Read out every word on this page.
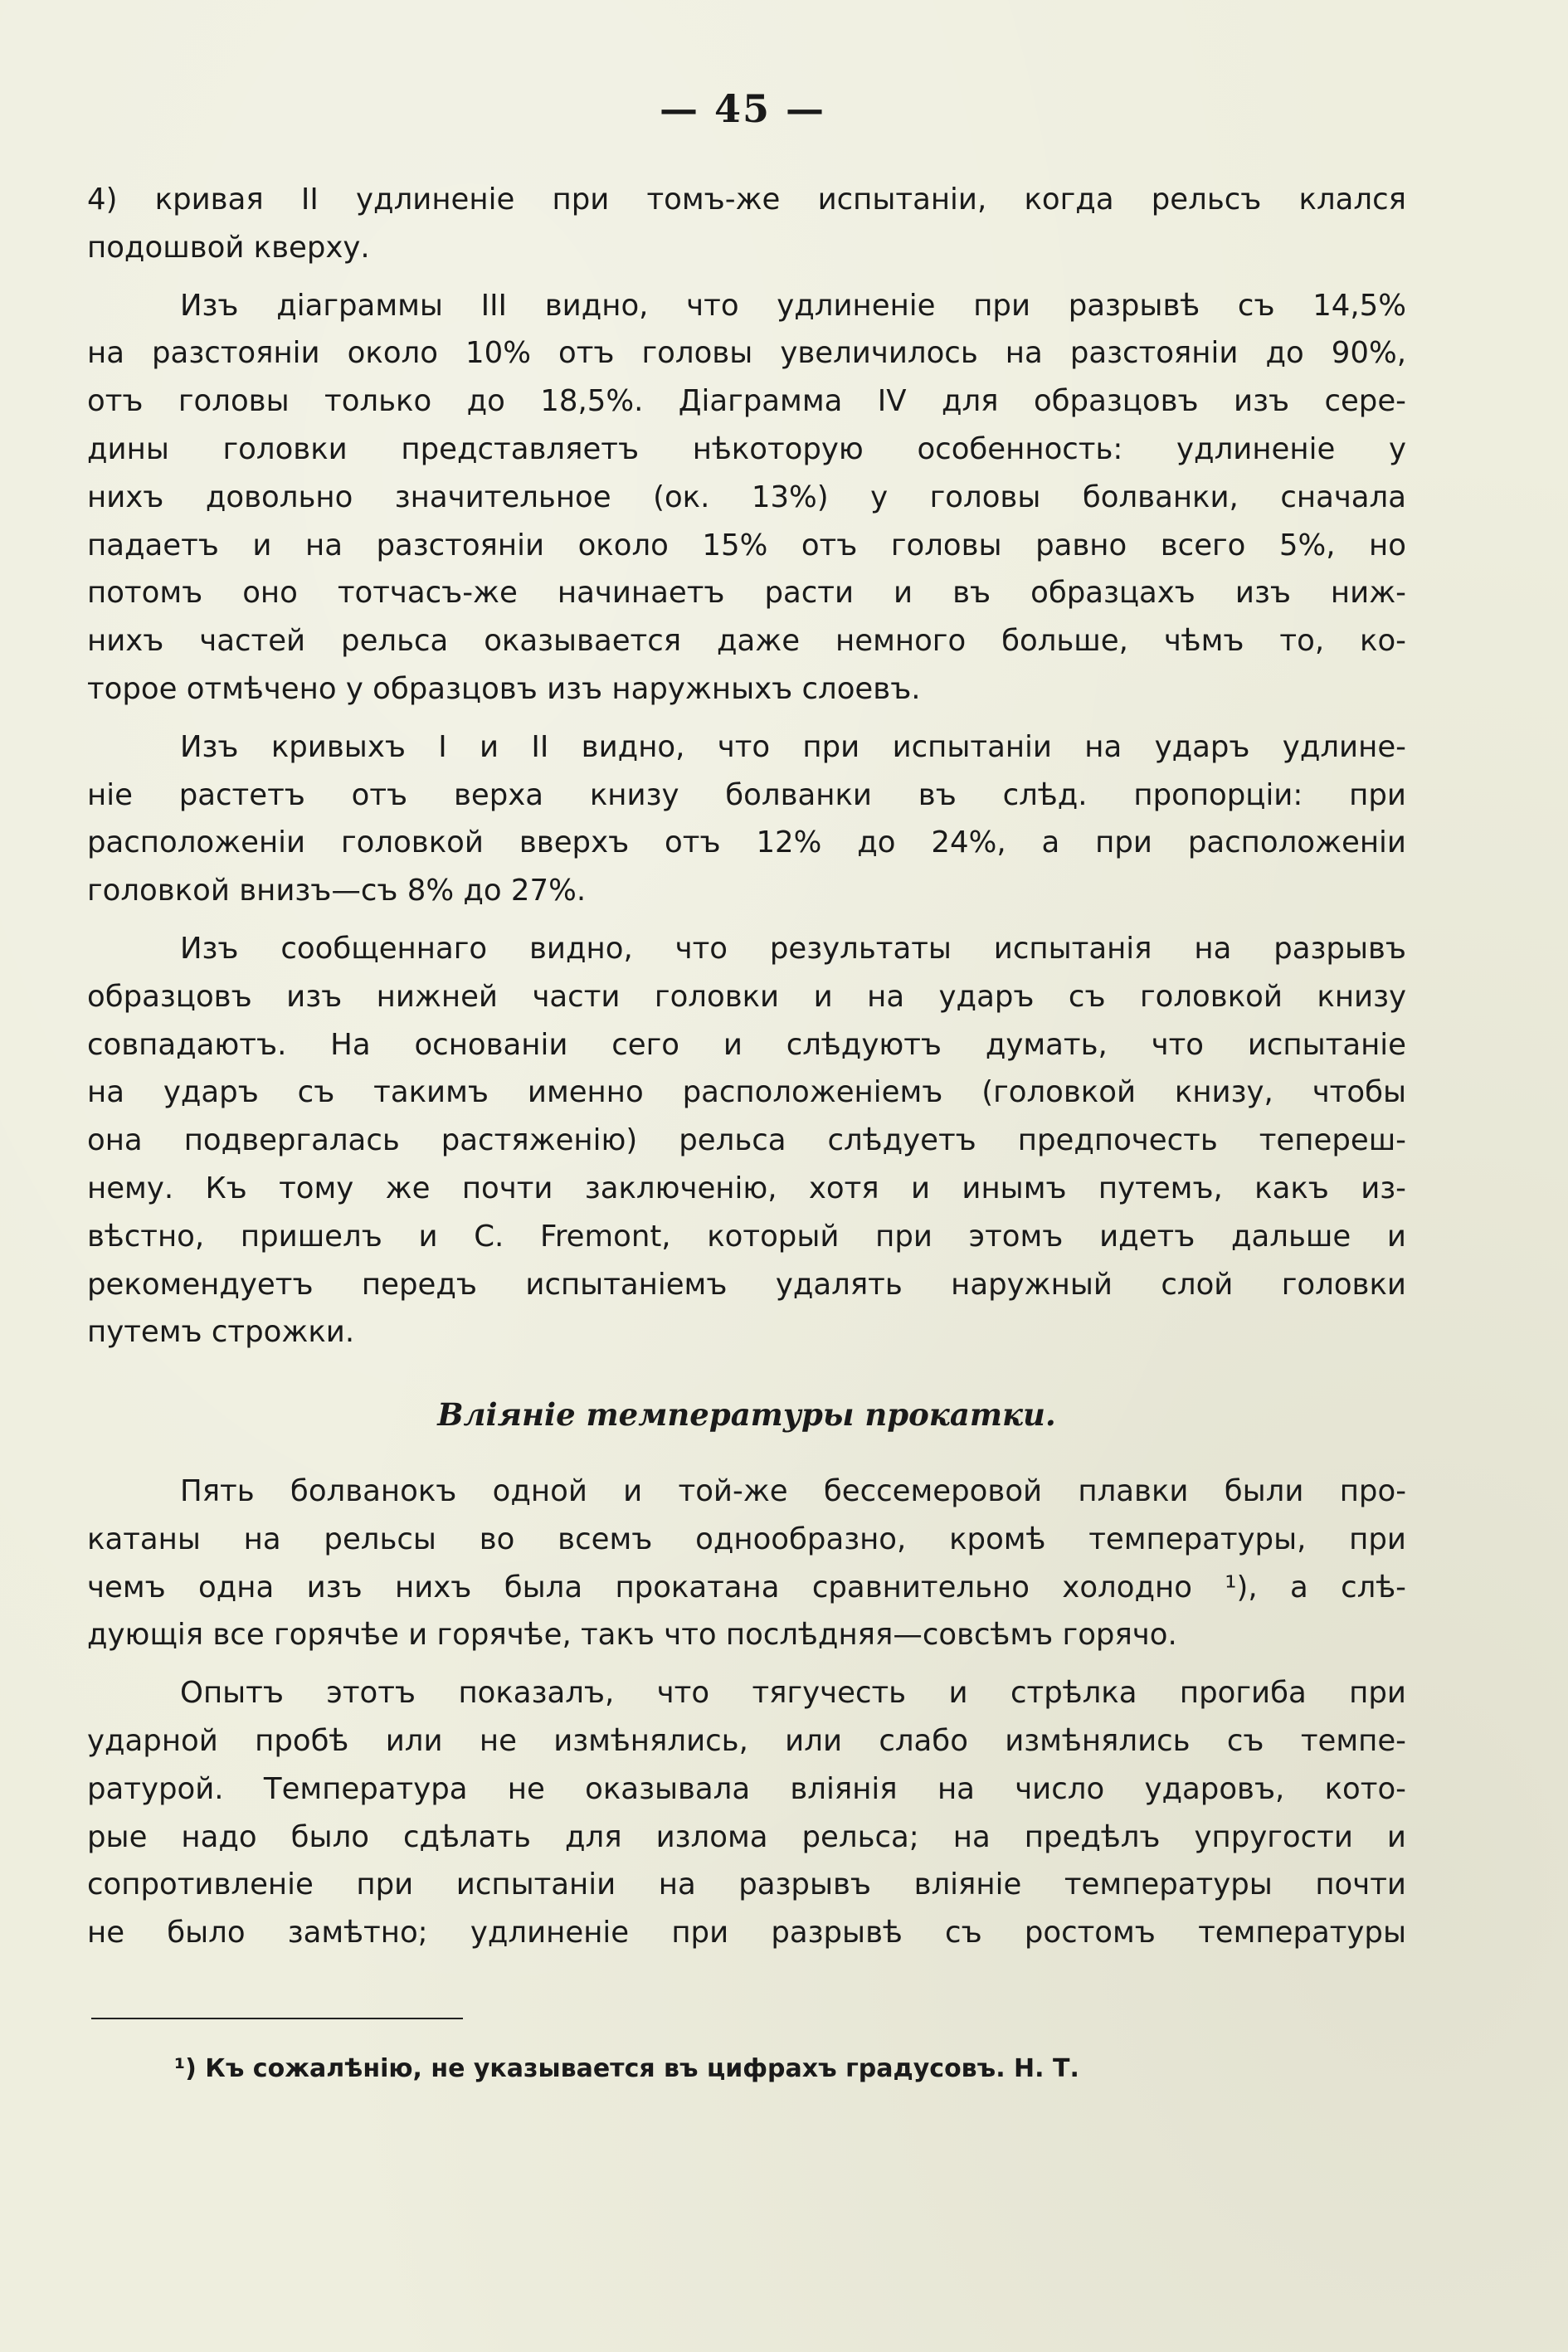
— 45 —
4) кривая II удлиненіе при томъ-же испытаніи, когда рельсъ клался
подошвой кверху.
Изъ діаграммы III видно, что удлиненіе при разрывѣ съ 14,5%
на разстояніи около 10% отъ головы увеличилось на разстояніи до 90%,
отъ головы только до 18,5%. Діаграмма IV для образцовъ изъ сере-
дины головки представляетъ нѣкоторую особенность: удлиненіе у
нихъ довольно значительное (ок. 13%) у головы болванки, сначала
падаетъ и на разстояніи около 15% отъ головы равно всего 5%, но
потомъ оно тотчасъ-же начинаетъ расти и въ образцахъ изъ ниж-
нихъ частей рельса оказывается даже немного больше, чѣмъ то, ко-
торое отмѣчено у образцовъ изъ наружныхъ слоевъ.
Изъ кривыхъ I и II видно, что при испытаніи на ударъ удлине-
ніе растетъ отъ верха книзу болванки въ слѣд. пропорціи: при
расположеніи головкой вверхъ отъ 12% до 24%, а при расположеніи
головкой внизъ—съ 8% до 27%.
Изъ сообщеннаго видно, что результаты испытанія на разрывъ
образцовъ изъ нижней части головки и на ударъ съ головкой книзу
совпадаютъ. На основаніи сего и слѣдуютъ думать, что испытаніе
на ударъ съ такимъ именно расположеніемъ (головкой книзу, чтобы
она подвергалась растяженію) рельса слѣдуетъ предпочесть теперeш-
нему. Къ тому же почти заключенію, хотя и инымъ путемъ, какъ из-
вѣстно, пришелъ и C. Fremont, который при этомъ идетъ дальше и
рекомендуетъ передъ испытаніемъ удалять наружный слой головки
путемъ строжки.
Вліяніе температуры прокатки.
Пять болванокъ одной и той-же бессемеровой плавки были про-
катаны на рельсы во всемъ однообразно, кромѣ температуры, при
чемъ одна изъ нихъ была прокатана сравнительно холодно ¹), а слѣ-
дующія все горячѣе и горячѣе, такъ что послѣдняя—совсѣмъ горячо.
Опытъ этотъ показалъ, что тягучесть и стрѣлка прогиба при
ударной пробѣ или не измѣнялись, или слабо измѣнялись съ темпе-
ратурой. Температура не оказывала вліянія на число ударовъ, кото-
рые надо было сдѣлать для излома рельса; на предѣлъ упругости и
сопротивленіе при испытаніи на разрывъ вліяніе температуры почти
не было замѣтно; удлиненіе при разрывѣ съ ростомъ температуры
¹) Къ сожалѣнію, не указывается въ цифрахъ градусовъ. Н. Т.
